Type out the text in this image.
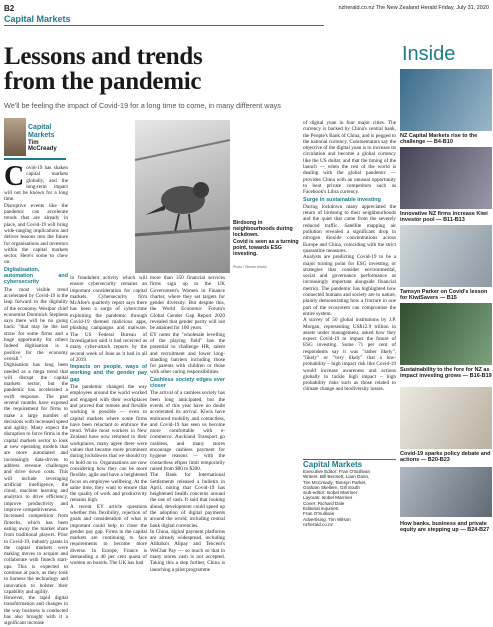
B2	nzherald.co.nz The New Zealand Herald Friday, July 31, 2020
Capital Markets
Lessons and trends
from the pandemic
We'll be feeling the impact of Covid-19 for a long time to come, in many different ways
Capital
Markets
Tim McCready
C ovid-19 has shaken capital markets globally, and the long-term impact will not be known for a long time.

Disruptive events like the pandemic can accelerate trends that are already in place, and Covid-19 will bring wide-ranging implications and deliver lessons into the future for organisations and investors within the capital markets sector. Here's some to chew on:

Digitalisation, automation and cybersecurity

The most visible trend accelerated by Covid-19 is the leap forward in the digitality of the economy. Westpac chief economist Dominick Stephens says there will be no going back: "that may be the last straw for some firms and a huge opportunity for others Indeed digitisation is a positive for the economy overall."

Digitisation has long been needed as a mega trend that will disrupt the capital markets sector, but the pandemic has accelerated a swift response. The past several months have exposed the requirement for firms to make a large number of decisions with increased speed and agility. Many expect the disruption to force firms in the capital markets sector to look at new operating models that are more automated and increasingly data-driven to address revenue challenges and drive down costs. This will include leveraging artificial intelligence, the cloud, machine learning and analytics to drive efficiency, improve productivity and improve competitiveness.

Increased competition from fintechs, which has been eating away the market share from traditional players. Prior to Covid-19, industry giants in the capital markets were making moves to acquire and collaborate with fintech start-ups. This is expected to continue at pace, as they look to harness the technology and innovation to bolster their capability and agility.

However, the rapid digital transformation and changes in the way business is conducted has also brought with it a significant increase

Birdsong in neighbourhoods during lockdown.
Covid is seen as a turning point, towards ESG investing.
Photo / Steven Martin

in fraudulent activity which will ensure cybersecurity remains an important consideration for capital markets. Cybersecurity firm McAfee's quarterly report says there has been a surge of cybercrime exploiting the pandemic through Covid-19 themed malicious apps, phishing campaigns and malware. The US Federal Bureau of Investigation said it had received as many cyber-attack reports by the second week of June as it had in all of 2019.

Impacts on people, ways of working and the gender pay gap

The pandemic changed the way employees around the world worked and engaged with their workplaces and proved that remote and flexible working is possible — even in capital markets where some firms have been reluctant to embrace the trend. While most workers in New Zealand have now returned to their workplaces, many agree there were values that became more prominent during lockdowns that we should try to hold on to. Organisations are now considering how they can be more flexible, agile and have a heightened focus on employee wellbeing. At the same time, they want to ensure that the quality of work and productivity remains high.

A recent EY article questions whether this flexibility, rejection of goals and consideration of what is important could help to close the gender pay gap. Firms in the capital markets are continuing to face requirements to become more diverse. In Europe, France is demanding a 40 per cent quota of women on boards. The UK has had

more than 350 financial services firms sign up to the UK Government's Women in Finance charter, where they set targets for gender diversity. But despite this, the World Economic Forum's Global Gender Gap Report 2020 revealed that gender parity will not be attained for 100 years.

EY notes the "wholesale levelling of the playing field" has the potential to challenge HR, talent and recruitment and lower long-standing barriers including those for parents with children or those with other caring responsibilities.

Cashless society edges ever closer

The arrival of a cashless society has been long anticipated, but the events of this year have no doubt accelerated its arrival. Kiwis have embraced mobility and contactless, and Covid-19 has seen us become more comfortable with e-commerce. Auckland Transport go cashless, and many stores encourage cashless payment for hygiene reasons — with the contactless eftpos limit temporarily raised from $80 to $200.

The Bank for International Settlements released a bulletin in April, noting that Covid-19 has heightened health concerns around the use of cash. It said that looking ahead, development could speed up the adoption of digital payments around the world, including central bank digital currencies.

In China, digital payment platforms are already widespread, including Alibaba's Alipay and Tencent's WeChat Pay — so much so that in many stores cash is not accepted. Taking this a step further, China is launching a pilot programme

of digital yuan in four major cities. The currency is backed by China's central bank, the People's Bank of China, and is pegged to the national currency. Commentators say the objective of the digital yuan is to increase its circulation and become a global currency like the US dollar, and that the timing of the launch — when the rest of the world is dealing with the global pandemic — provides China with an unusual opportunity to beat private competitors such as Facebook's Libra currency.

Surge in sustainable investing

During lockdown many appreciated the return of birdsong to their neighbourhoods and the quiet that came from the severely reduced traffic. Satellite mapping air pollution revealed a significant drop in nitrogen dioxide concentrations across Europe and China, coinciding with the strict quarantine measures.

Analysts are predicting Covid-19 to be a major turning point for ESG investing, or strategies that consider environmental, social and governance performance as increasingly important alongside financial metrics. The pandemic has highlighted how connected humans and society are to nature, plainly demonstrating how a fracture in one part of the ecosystem can compromise the entire system.

A survey of 50 global institutions by J.P. Morgan, representing US$12.9 trillion in assets under management, asked how they expect Covid-19 to impact the future of ESG investing. Some 71 per cent of respondents say it was "rather likely", "likely" or "very likely" that a low-probability – high impact risk like Covid-19 would increase awareness and actions globally to tackle high impact – high probability risks such as those related to climate change and biodiversity losses.

Capital Markets
Executive Editor: Fran O'Sullivan
Writers: Bill Bennett, Liam Dann,
Tim McCready, Tamsyn Parker,
Graham Skellern, Gill South
Sub-editor: Isobel Marriner
Layouts: Isobel Marriner
Cover: Richard Dale
Editorial inquiries:
Fran O'Sullivan
Advertising: Tim Wilson
nzherald.co.nz
Inside
NZ Capital Markets rise to the challenge — B4-B10
Innovative NZ firms increase Kiwi investor pool — B11-B13
Tamsyn Parker on Covid's lesson for KiwiSavers — B15
Sustainability to the fore for NZ as impact investing grows — B16-B19
Covid-19 sparks policy debate and actions — B20-B23
How banks, business and private equity are stepping up — B24-B27
